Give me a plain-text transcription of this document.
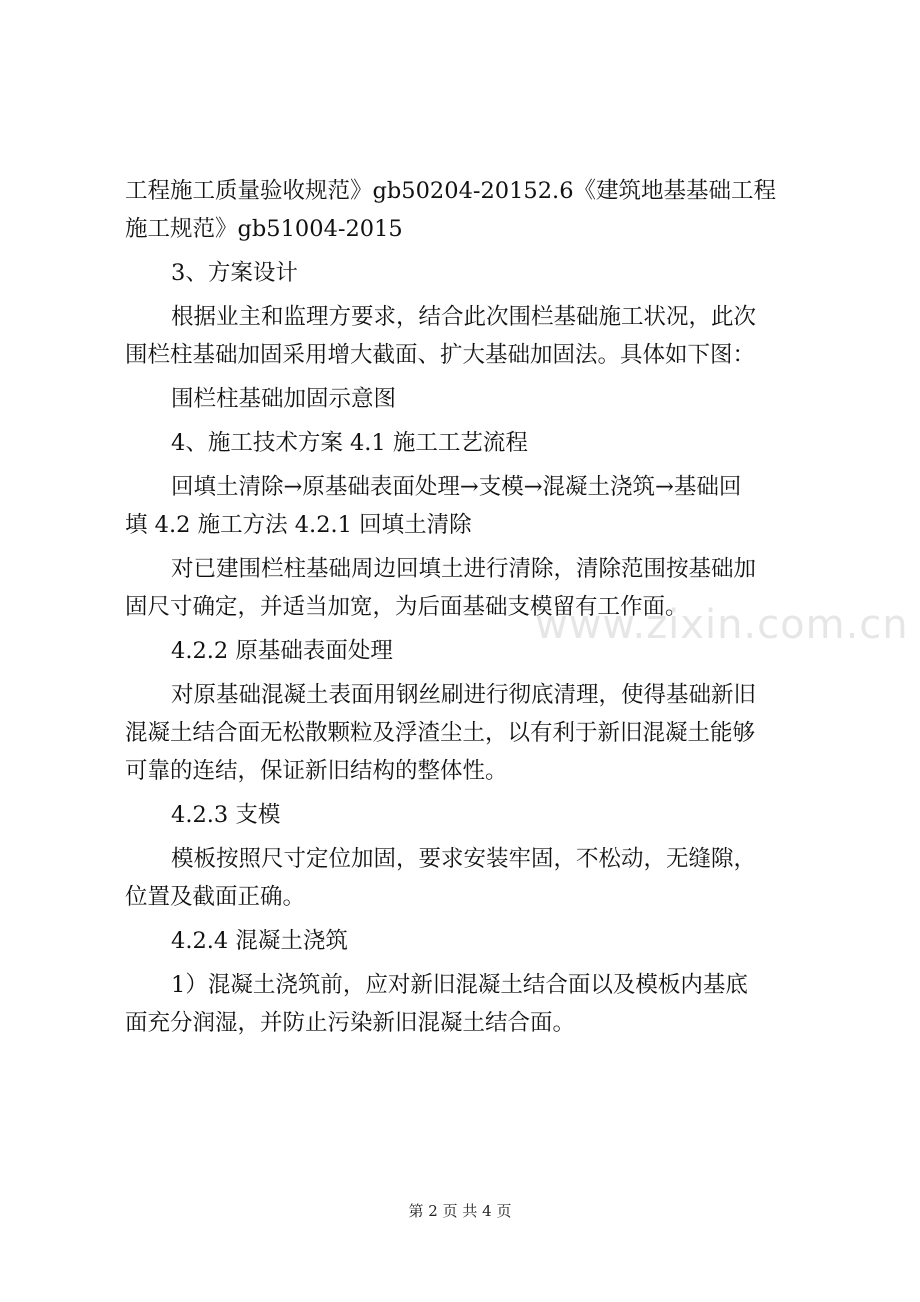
工程施工质量验收规范》gb50204-20152.6《建筑地基基础工程
施工规范》gb51004-2015
3、方案设计
根据业主和监理方要求，结合此次围栏基础施工状况，此次
围栏柱基础加固采用增大截面、扩大基础加固法。具体如下图：
围栏柱基础加固示意图
4、施工技术方案 4.1 施工工艺流程
回填土清除→原基础表面处理→支模→混凝土浇筑→基础回
填 4.2 施工方法 4.2.1 回填土清除
对已建围栏柱基础周边回填土进行清除，清除范围按基础加
固尺寸确定，并适当加宽，为后面基础支模留有工作面。
4.2.2 原基础表面处理
对原基础混凝土表面用钢丝刷进行彻底清理，使得基础新旧
混凝土结合面无松散颗粒及浮渣尘土，以有利于新旧混凝土能够
可靠的连结，保证新旧结构的整体性。
4.2.3 支模
模板按照尺寸定位加固，要求安装牢固，不松动，无缝隙，
位置及截面正确。
4.2.4 混凝土浇筑
1）混凝土浇筑前，应对新旧混凝土结合面以及模板内基底
面充分润湿，并防止污染新旧混凝土结合面。
www.zixin.com.cn
第 2 页 共 4 页
